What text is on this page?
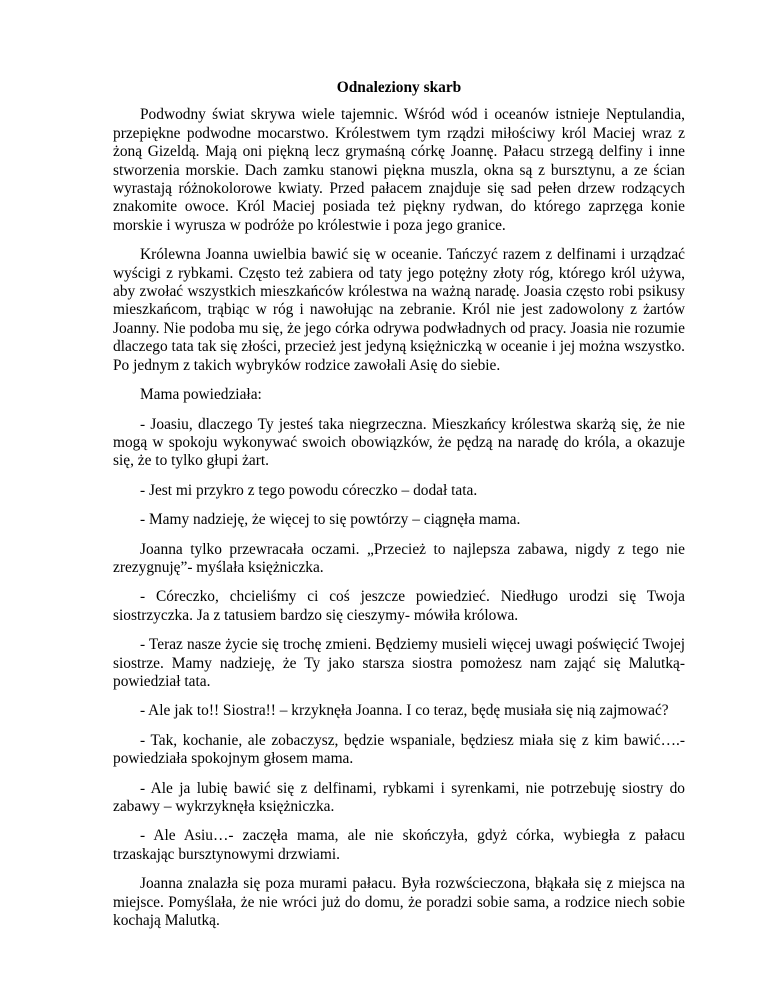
Odnaleziony skarb

Podwodny świat skrywa wiele tajemnic. Wśród wód i oceanów istnieje Neptulandia, przepiękne podwodne mocarstwo. Królestwem tym rządzi miłościwy król Maciej wraz z żoną Gizeldą. Mają oni piękną lecz grymaśną córkę Joannę. Pałacu strzegą delfiny i inne stworzenia morskie. Dach zamku stanowi piękna muszla, okna są z bursztynu, a ze ścian wyrastają różnokolorowe kwiaty. Przed pałacem znajduje się sad pełen drzew rodzących znakomite owoce. Król Maciej posiada też piękny rydwan, do którego zaprzęga konie morskie i wyrusza w podróże po królestwie i poza jego granice.

Królewna Joanna uwielbia bawić się w oceanie. Tańczyć razem z delfinami i urządzać wyścigi z rybkami. Często też zabiera od taty jego potężny złoty róg, którego król używa, aby zwołać wszystkich mieszkańców królestwa na ważną naradę. Joasia często robi psikusy mieszkańcom, trąbiąc w róg i nawołując na zebranie. Król nie jest zadowolony z żartów Joanny. Nie podoba mu się, że jego córka odrywa podwładnych od pracy. Joasia nie rozumie dlaczego tata tak się złości, przecież jest jedyną księżniczką w oceanie i jej można wszystko. Po jednym z takich wybryków rodzice zawołali Asię do siebie.

Mama powiedziała:

- Joasiu, dlaczego Ty jesteś taka niegrzeczna. Mieszkańcy królestwa skarżą się, że nie mogą w spokoju wykonywać swoich obowiązków, że pędzą na naradę do króla, a okazuje się, że to tylko głupi żart.

- Jest mi przykro z tego powodu córeczko – dodał tata.

- Mamy nadzieję, że więcej to się powtórzy – ciągnęła mama.

Joanna tylko przewracała oczami. „Przecież to najlepsza zabawa, nigdy z tego nie zrezygnuję”- myślała księżniczka.

- Córeczko, chcieliśmy ci coś jeszcze powiedzieć. Niedługo urodzi się Twoja siostrzyczka. Ja z tatusiem bardzo się cieszymy- mówiła królowa.

- Teraz nasze życie się trochę zmieni. Będziemy musieli więcej uwagi poświęcić Twojej siostrze. Mamy nadzieję, że Ty jako starsza siostra pomożesz nam zająć się Malutką- powiedział tata.

- Ale jak to!! Siostra!! – krzyknęła Joanna. I co teraz, będę musiała się nią zajmować?

- Tak, kochanie, ale zobaczysz, będzie wspaniale, będziesz miała się z kim bawić….- powiedziała spokojnym głosem mama.

- Ale ja lubię bawić się z delfinami, rybkami i syrenkami, nie potrzebuję siostry do zabawy – wykrzyknęła księżniczka.

- Ale Asiu…- zaczęła mama, ale nie skończyła, gdyż córka, wybiegła z pałacu trzaskając bursztynowymi drzwiami.

Joanna znalazła się poza murami pałacu. Była rozwścieczona, błąkała się z miejsca na miejsce. Pomyślała, że nie wróci już do domu, że poradzi sobie sama, a rodzice niech sobie kochają Malutką.
